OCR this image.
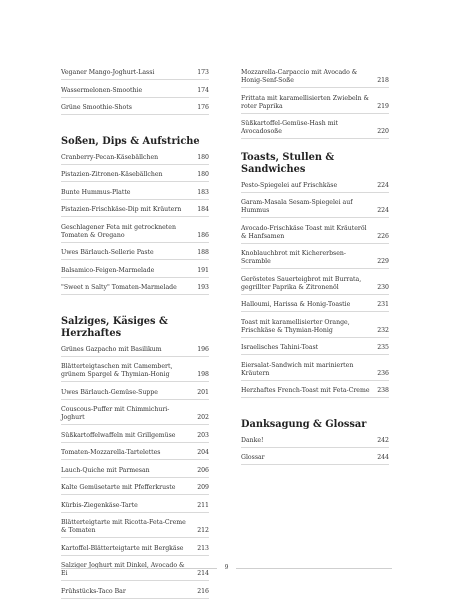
Veganer Mango-Joghurt-Lassi	173
Wassermelonen-Smoothie	174
Grüne Smoothie-Shots	176
Soßen, Dips & Aufstriche
Cranberry-Pecan-Käsebällchen	180
Pistazien-Zitronen-Käsebällchen	180
Bunte Hummus-Platte	183
Pistazien-Frischkäse-Dip mit Kräutern	184
Geschlagener Feta mit getrockneten Tomaten & Oregano	186
Uwes Bärlauch-Sellerie Paste	188
Balsamico-Feigen-Marmelade	191
"Sweet n Salty" Tomaten-Marmelade	193
Salziges, Käsiges & Herzhaftes
Grünes Gazpacho mit Basilikum	196
Blätterteigtaschen mit Camembert, grünem Spargel & Thymian-Honig	198
Uwes Bärlauch-Gemüse-Suppe	201
Couscous-Puffer mit Chimmichuri-Joghurt	202
Süßkartoffelwaffeln mit Grillgemüse	203
Tomaten-Mozzarella-Tartelettes	204
Lauch-Quiche mit Parmesan	206
Kalte Gemüsetarte mit Pfefferkruste	209
Kürbis-Ziegenkäse-Tarte	211
Blätterteigtarte mit Ricotta-Feta-Creme & Tomaten	212
Kartoffel-Blätterteigtarte mit Bergkäse	213
Salziger Joghurt mit Dinkel, Avocado & Ei	214
Frühstücks-Taco Bar	216
Mozzarella-Carpaccio mit Avocado & Honig-Senf-Soße	218
Frittata mit karamellisierten Zwiebeln & roter Paprika	219
Süßkartoffel-Gemüse-Hash mit Avocadosoße	220
Toasts, Stullen & Sandwiches
Pesto-Spiegelei auf Frischkäse	224
Garam-Masala Sesam-Spiegelei auf Hummus	224
Avocado-Frischkäse Toast mit Kräuteröl & Hanfsamen	226
Knoblauchbrot mit Kichererbsen-Scramble	229
Geröstetes Sauerteigbrot mit Burrata, gegrillter Paprika & Zitronenöl	230
Halloumi, Harissa & Honig-Toastie	231
Toast mit karamellisierter Orange, Frischkäse & Thymian-Honig	232
Israelisches Tahini-Toast	235
Eiersalat-Sandwich mit marinierten Kräutern	236
Herzhaftes French-Toast mit Feta-Creme	238
Danksagung & Glossar
Danke!	242
Glossar	244
9
